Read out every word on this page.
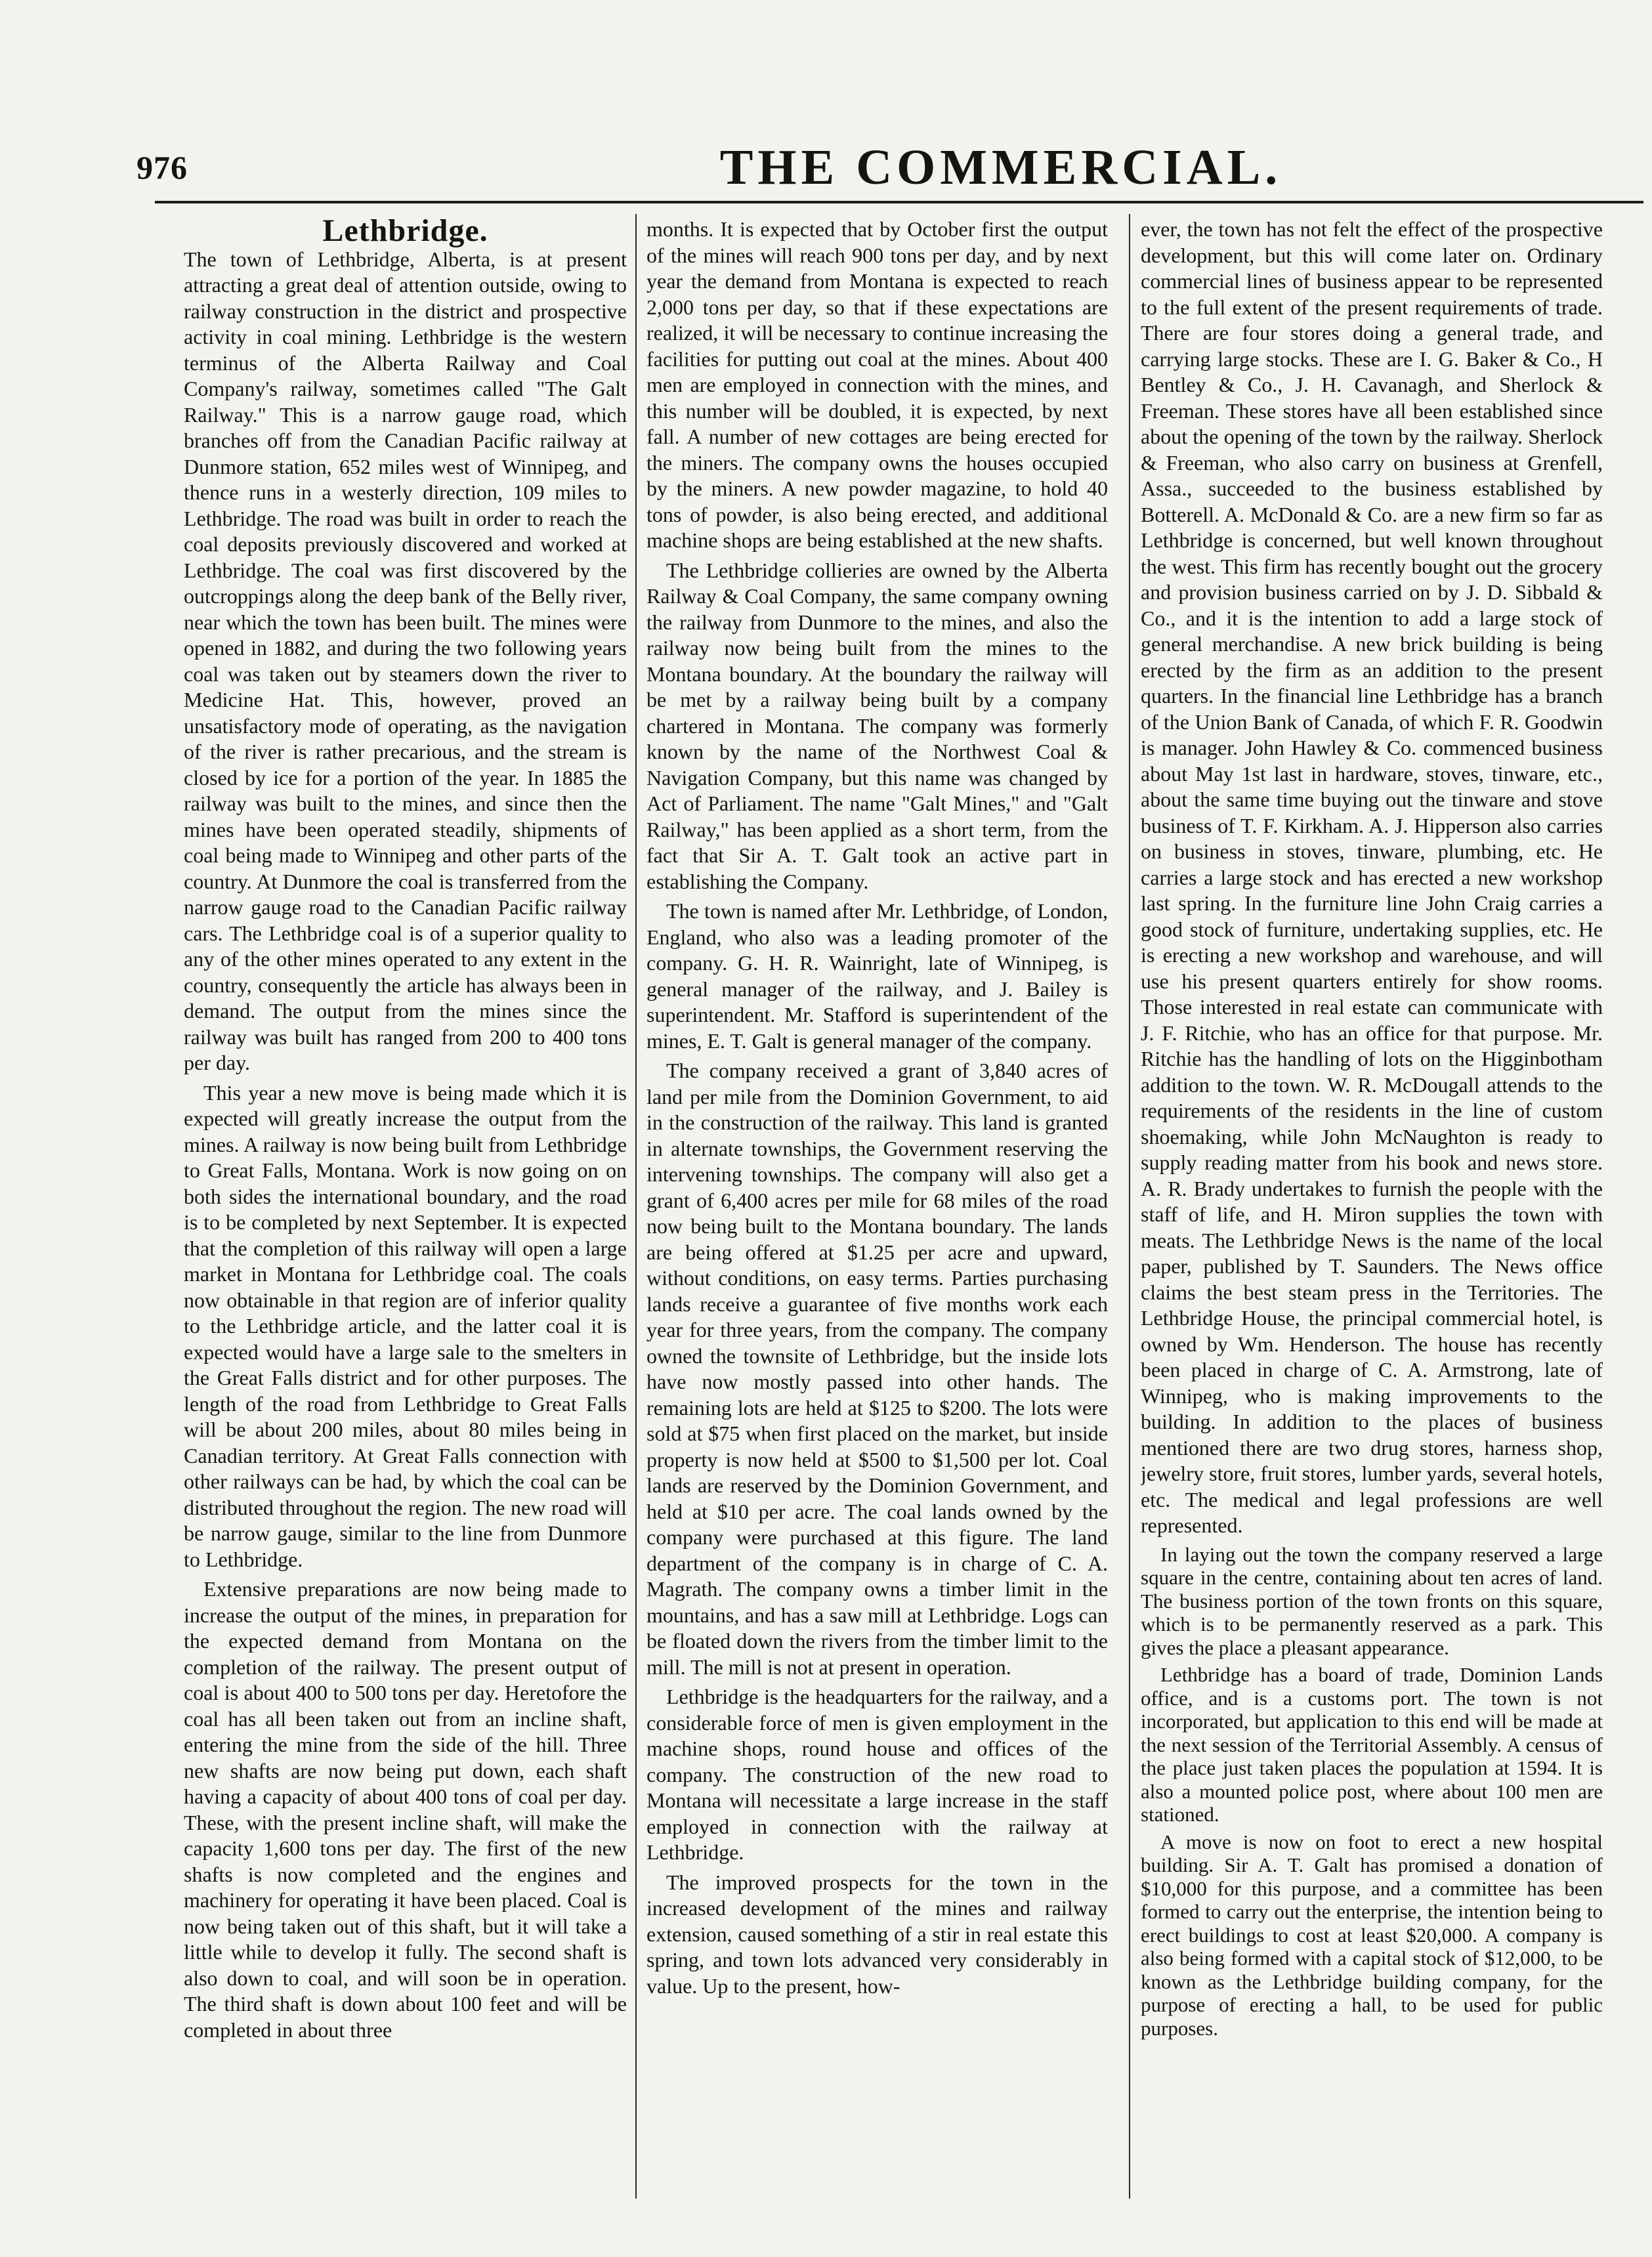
976	THE COMMERCIAL.
Lethbridge.

The town of Lethbridge, Alberta, is at present attracting a great deal of attention outside, owing to railway construction in the district and prospective activity in coal mining. Lethbridge is the western terminus of the Alberta Railway and Coal Company's railway, sometimes called "The Galt Railway." This is a narrow gauge road, which branches off from the Canadian Pacific railway at Dunmore station, 652 miles west of Winnipeg, and thence runs in a westerly direction, 109 miles to Lethbridge. The road was built in order to reach the coal deposits previously discovered and worked at Lethbridge. The coal was first discovered by the outcroppings along the deep bank of the Belly river, near which the town has been built. The mines were opened in 1882, and during the two following years coal was taken out by steamers down the river to Medicine Hat. This, however, proved an unsatisfactory mode of operating, as the navigation of the river is rather precarious, and the stream is closed by ice for a portion of the year. In 1885 the railway was built to the mines, and since then the mines have been operated steadily, shipments of coal being made to Winnipeg and other parts of the country. At Dunmore the coal is transferred from the narrow gauge road to the Canadian Pacific railway cars. The Lethbridge coal is of a superior quality to any of the other mines operated to any extent in the country, consequently the article has always been in demand. The output from the mines since the railway was built has ranged from 200 to 400 tons per day.

This year a new move is being made which it is expected will greatly increase the output from the mines. A railway is now being built from Lethbridge to Great Falls, Montana. Work is now going on on both sides the international boundary, and the road is to be completed by next September. It is expected that the completion of this railway will open a large market in Montana for Lethbridge coal. The coals now obtainable in that region are of inferior quality to the Lethbridge article, and the latter coal it is expected would have a large sale to the smelters in the Great Falls district and for other purposes. The length of the road from Lethbridge to Great Falls will be about 200 miles, about 80 miles being in Canadian territory. At Great Falls connection with other railways can be had, by which the coal can be distributed throughout the region. The new road will be narrow gauge, similar to the line from Dunmore to Lethbridge.

Extensive preparations are now being made to increase the output of the mines, in preparation for the expected demand from Montana on the completion of the railway. The present output of coal is about 400 to 500 tons per day. Heretofore the coal has all been taken out from an incline shaft, entering the mine from the side of the hill. Three new shafts are now being put down, each shaft having a capacity of about 400 tons of coal per day. These, with the present incline shaft, will make the capacity 1,600 tons per day. The first of the new shafts is now completed and the engines and machinery for operating it have been placed. Coal is now being taken out of this shaft, but it will take a little while to develop it fully. The second shaft is also down to coal, and will soon be in operation. The third shaft is down about 100 feet and will be completed in about three

months. It is expected that by October first the output of the mines will reach 900 tons per day, and by next year the demand from Montana is expected to reach 2,000 tons per day, so that if these expectations are realized, it will be necessary to continue increasing the facilities for putting out coal at the mines. About 400 men are employed in connection with the mines, and this number will be doubled, it is expected, by next fall. A number of new cottages are being erected for the miners. The company owns the houses occupied by the miners. A new powder magazine, to hold 40 tons of powder, is also being erected, and additional machine shops are being established at the new shafts.

The Lethbridge collieries are owned by the Alberta Railway & Coal Company, the same company owning the railway from Dunmore to the mines, and also the railway now being built from the mines to the Montana boundary. At the boundary the railway will be met by a railway being built by a company chartered in Montana. The company was formerly known by the name of the Northwest Coal & Navigation Company, but this name was changed by Act of Parliament. The name "Galt Mines," and "Galt Railway," has been applied as a short term, from the fact that Sir A. T. Galt took an active part in establishing the Company.

The town is named after Mr. Lethbridge, of London, England, who also was a leading promoter of the company. G. H. R. Wainright, late of Winnipeg, is general manager of the railway, and J. Bailey is superintendent. Mr. Stafford is superintendent of the mines, E. T. Galt is general manager of the company.

The company received a grant of 3,840 acres of land per mile from the Dominion Government, to aid in the construction of the railway. This land is granted in alternate townships, the Government reserving the intervening townships. The company will also get a grant of 6,400 acres per mile for 68 miles of the road now being built to the Montana boundary. The lands are being offered at $1.25 per acre and upward, without conditions, on easy terms. Parties purchasing lands receive a guarantee of five months work each year for three years, from the company. The company owned the townsite of Lethbridge, but the inside lots have now mostly passed into other hands. The remaining lots are held at $125 to $200. The lots were sold at $75 when first placed on the market, but inside property is now held at $500 to $1,500 per lot. Coal lands are reserved by the Dominion Government, and held at $10 per acre. The coal lands owned by the company were purchased at this figure. The land department of the company is in charge of C. A. Magrath. The company owns a timber limit in the mountains, and has a saw mill at Lethbridge. Logs can be floated down the rivers from the timber limit to the mill. The mill is not at present in operation.

Lethbridge is the headquarters for the railway, and a considerable force of men is given employment in the machine shops, round house and offices of the company. The construction of the new road to Montana will necessitate a large increase in the staff employed in connection with the railway at Lethbridge.

The improved prospects for the town in the increased development of the mines and railway extension, caused something of a stir in real estate this spring, and town lots advanced very considerably in value. Up to the present, how-

ever, the town has not felt the effect of the prospective development, but this will come later on. Ordinary commercial lines of business appear to be represented to the full extent of the present requirements of trade. There are four stores doing a general trade, and carrying large stocks. These are I. G. Baker & Co., H Bentley & Co., J. H. Cavanagh, and Sherlock & Freeman. These stores have all been established since about the opening of the town by the railway. Sherlock & Freeman, who also carry on business at Grenfell, Assa., succeeded to the business established by Botterell. A. McDonald & Co. are a new firm so far as Lethbridge is concerned, but well known throughout the west. This firm has recently bought out the grocery and provision business carried on by J. D. Sibbald & Co., and it is the intention to add a large stock of general merchandise. A new brick building is being erected by the firm as an addition to the present quarters. In the financial line Lethbridge has a branch of the Union Bank of Canada, of which F. R. Goodwin is manager. John Hawley & Co. commenced business about May 1st last in hardware, stoves, tinware, etc., about the same time buying out the tinware and stove business of T. F. Kirkham. A. J. Hipperson also carries on business in stoves, tinware, plumbing, etc. He carries a large stock and has erected a new workshop last spring. In the furniture line John Craig carries a good stock of furniture, undertaking supplies, etc. He is erecting a new workshop and warehouse, and will use his present quarters entirely for show rooms. Those interested in real estate can communicate with J. F. Ritchie, who has an office for that purpose. Mr. Ritchie has the handling of lots on the Higginbotham addition to the town. W. R. McDougall attends to the requirements of the residents in the line of custom shoemaking, while John McNaughton is ready to supply reading matter from his book and news store. A. R. Brady undertakes to furnish the people with the staff of life, and H. Miron supplies the town with meats. The Lethbridge News is the name of the local paper, published by T. Saunders. The News office claims the best steam press in the Territories. The Lethbridge House, the principal commercial hotel, is owned by Wm. Henderson. The house has recently been placed in charge of C. A. Armstrong, late of Winnipeg, who is making improvements to the building. In addition to the places of business mentioned there are two drug stores, harness shop, jewelry store, fruit stores, lumber yards, several hotels, etc. The medical and legal professions are well represented.

In laying out the town the company reserved a large square in the centre, containing about ten acres of land. The business portion of the town fronts on this square, which is to be permanently reserved as a park. This gives the place a pleasant appearance.

Lethbridge has a board of trade, Dominion Lands office, and is a customs port. The town is not incorporated, but application to this end will be made at the next session of the Territorial Assembly. A census of the place just taken places the population at 1594. It is also a mounted police post, where about 100 men are stationed.

A move is now on foot to erect a new hospital building. Sir A. T. Galt has promised a donation of $10,000 for this purpose, and a committee has been formed to carry out the enterprise, the intention being to erect buildings to cost at least $20,000. A company is also being formed with a capital stock of $12,000, to be known as the Lethbridge building company, for the purpose of erecting a hall, to be used for public purposes.
